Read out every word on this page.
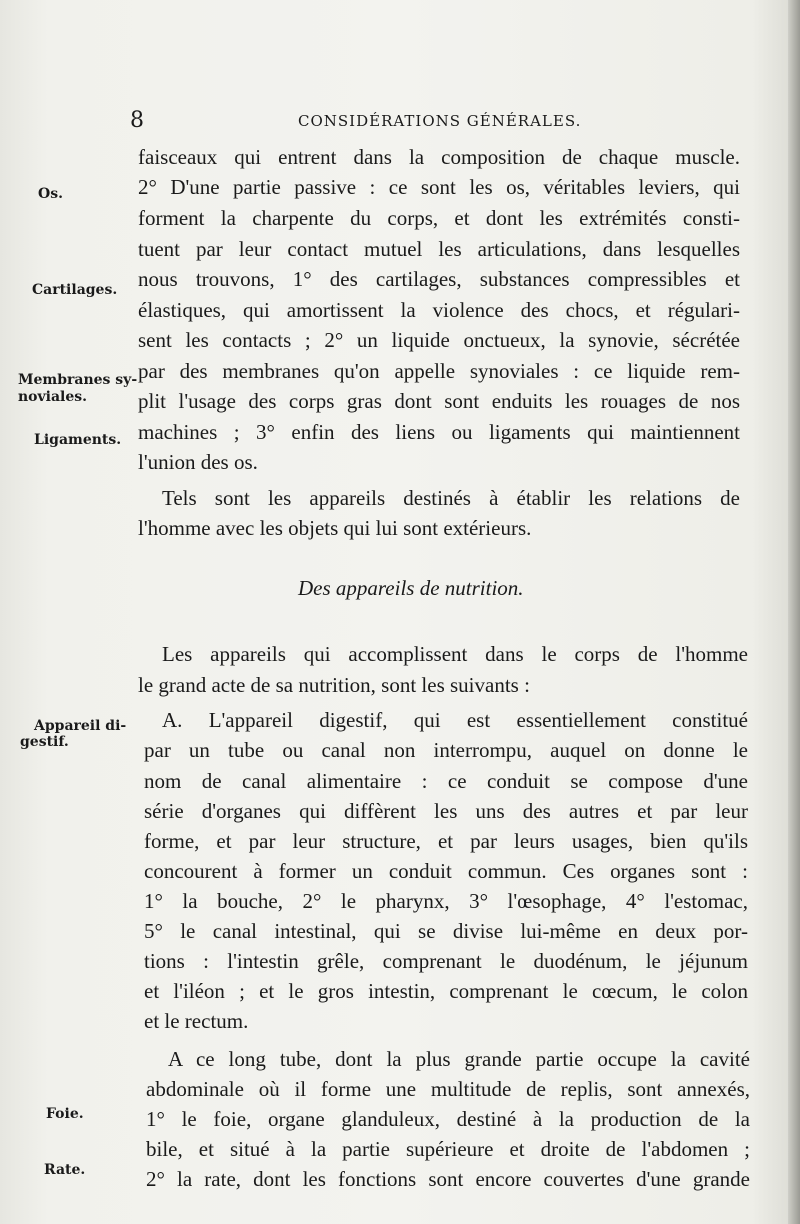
8	CONSIDÉRATIONS GÉNÉRALES.
Os.
Cartilages.
Membranes sy-
noviales.
Ligaments.
Appareil di-
gestif.
Foie.
Rate.
faisceaux qui entrent dans la composition de chaque muscle.
2° D'une partie passive : ce sont les os, véritables leviers, qui
forment la charpente du corps, et dont les extrémités consti-
tuent par leur contact mutuel les articulations, dans lesquelles
nous trouvons, 1° des cartilages, substances compressibles et
élastiques, qui amortissent la violence des chocs, et régulari-
sent les contacts ; 2° un liquide onctueux, la synovie, sécrétée
par des membranes qu'on appelle synoviales : ce liquide rem-
plit l'usage des corps gras dont sont enduits les rouages de nos
machines ; 3° enfin des liens ou ligaments qui maintiennent
l'union des os.
Tels sont les appareils destinés à établir les relations de
l'homme avec les objets qui lui sont extérieurs.
Des appareils de nutrition.
Les appareils qui accomplissent dans le corps de l'homme
le grand acte de sa nutrition, sont les suivants :
A. L'appareil digestif, qui est essentiellement constitué
par un tube ou canal non interrompu, auquel on donne le
nom de canal alimentaire : ce conduit se compose d'une
série d'organes qui diffèrent les uns des autres et par leur
forme, et par leur structure, et par leurs usages, bien qu'ils
concourent à former un conduit commun. Ces organes sont :
1° la bouche, 2° le pharynx, 3° l'œsophage, 4° l'estomac,
5° le canal intestinal, qui se divise lui-même en deux por-
tions : l'intestin grêle, comprenant le duodénum, le jéjunum
et l'iléon ; et le gros intestin, comprenant le cœcum, le colon
et le rectum.
A ce long tube, dont la plus grande partie occupe la cavité
abdominale où il forme une multitude de replis, sont annexés,
1° le foie, organe glanduleux, destiné à la production de la
bile, et situé à la partie supérieure et droite de l'abdomen ;
2° la rate, dont les fonctions sont encore couvertes d'une grande
